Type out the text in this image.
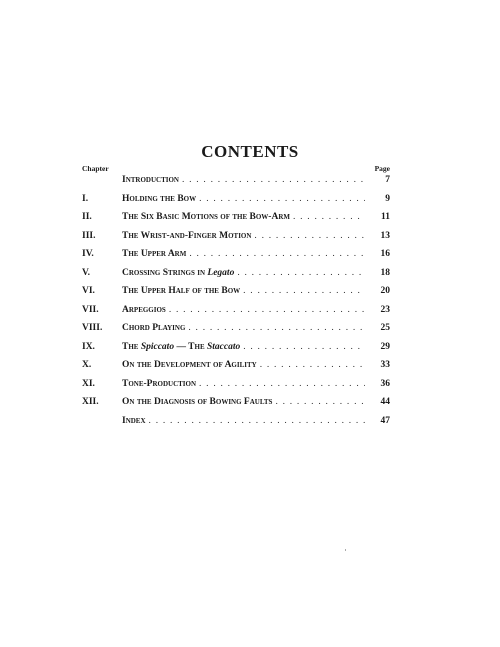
CONTENTS
Chapter	Page
Introduction . . .	7
I.	Holding the Bow . . .	9
II.	The Six Basic Motions of the Bow-Arm . . .	11
III.	The Wrist-and-Finger Motion . . .	13
IV.	The Upper Arm . . .	16
V.	Crossing Strings in Legato . . .	18
VI.	The Upper Half of the Bow . . .	20
VII.	Arpeggios . . .	23
VIII.	Chord Playing . . .	25
IX.	The Spiccato — The Staccato . . .	29
X.	On the Development of Agility . . .	33
XI.	Tone-Production . . .	36
XII.	On the Diagnosis of Bowing Faults . . .	44
Index . . .	47
